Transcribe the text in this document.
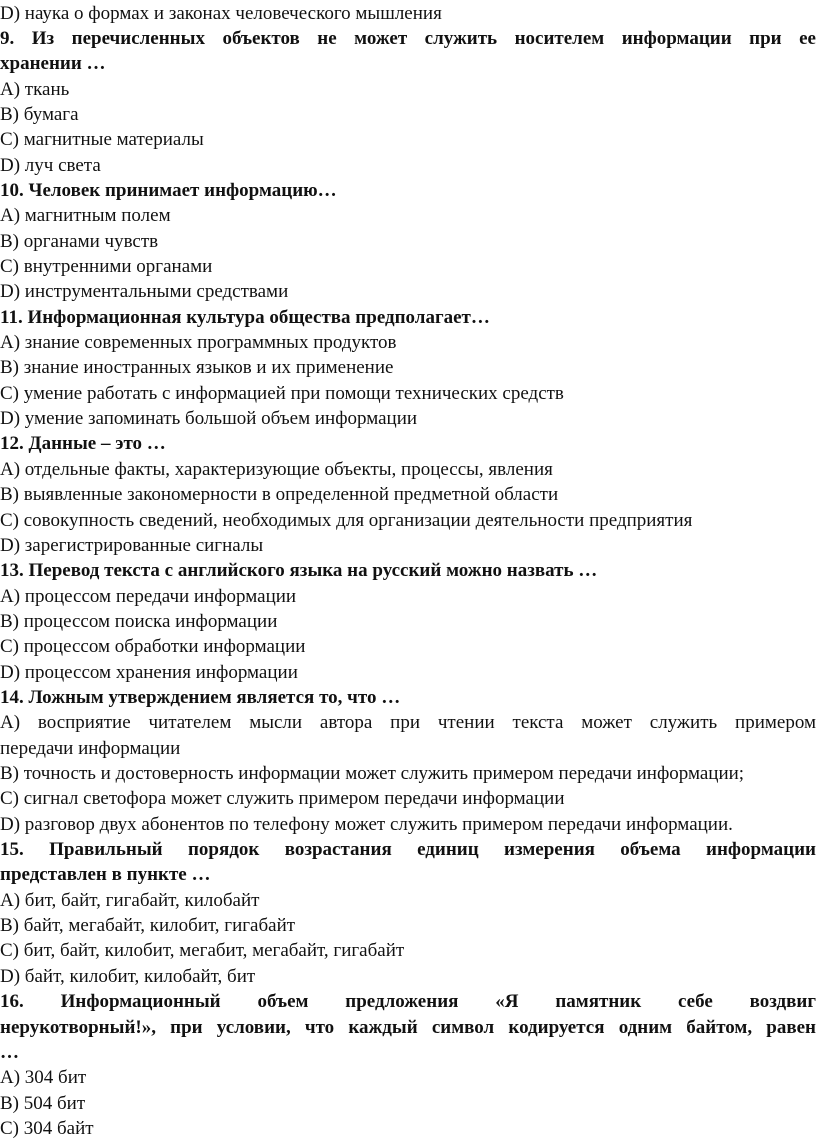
D) наука о формах и законах человеческого мышления
9. Из перечисленных объектов не может служить носителем информации при ее
хранении …
A) ткань
B) бумага
C) магнитные материалы
D) луч света
10. Человек принимает информацию…
A) магнитным полем
B) органами чувств
C) внутренними органами
D) инструментальными средствами
11. Информационная культура общества предполагает…
A) знание современных программных продуктов
B) знание иностранных языков и их применение
C) умение работать с информацией при помощи технических средств
D) умение запоминать большой объем информации
12. Данные – это …
A) отдельные факты, характеризующие объекты, процессы, явления
B) выявленные закономерности в определенной предметной области
C) совокупность сведений, необходимых для организации деятельности предприятия
D) зарегистрированные сигналы
13. Перевод текста с английского языка на русский можно назвать …
A) процессом передачи информации
B) процессом поиска информации
C) процессом обработки информации
D) процессом хранения информации
14. Ложным утверждением является то, что …
A) восприятие читателем мысли автора при чтении текста может служить примером
передачи информации
B) точность и достоверность информации может служить примером передачи информации;
C) сигнал светофора может служить примером передачи информации
D) разговор двух абонентов по телефону может служить примером передачи информации.
15. Правильный порядок возрастания единиц измерения объема информации
представлен в пункте …
A) бит, байт, гигабайт, килобайт
B) байт, мегабайт, килобит, гигабайт
C) бит, байт, килобит, мегабит, мегабайт, гигабайт
D) байт, килобит, килобайт, бит
16. Информационный объем предложения «Я памятник себе воздвиг
нерукотворный!», при условии, что каждый символ кодируется одним байтом, равен
…
A) 304 бит
B) 504 бит
C) 304 байт
